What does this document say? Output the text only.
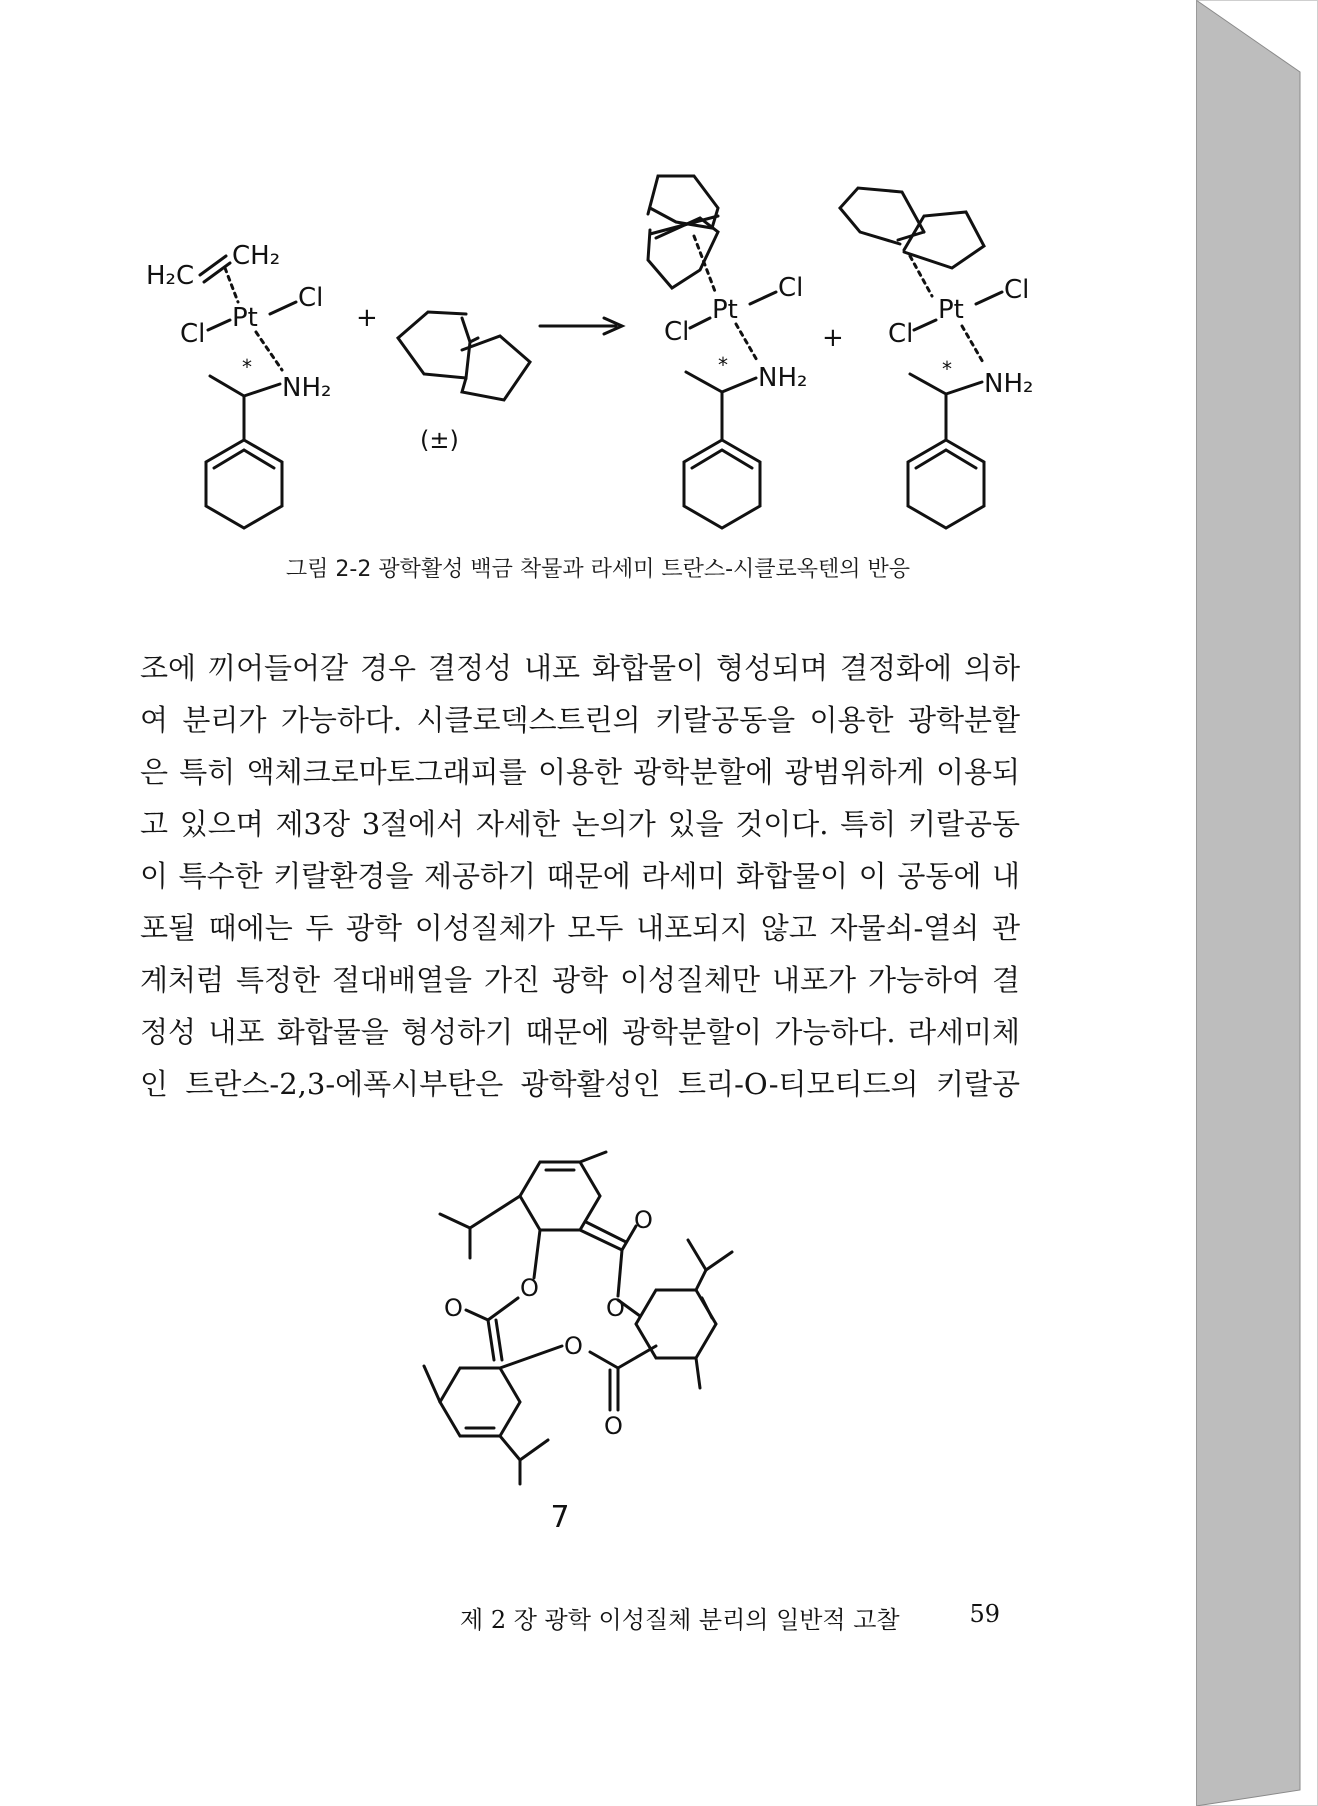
H₂C
CH₂
Pt
Cl
Cl
*
NH₂
+
(±)
Pt
Cl
Cl
* NH₂
+
Pt
Cl
Cl
* NH₂
그림 2-2 광학활성 백금 착물과 라세미 트란스-시클로옥텐의 반응
조에 끼어들어갈 경우 결정성 내포 화합물이 형성되며 결정화에 의하
여 분리가 가능하다. 시클로덱스트린의 키랄공동을 이용한 광학분할
은 특히 액체크로마토그래피를 이용한 광학분할에 광범위하게 이용되
고 있으며 제3장 3절에서 자세한 논의가 있을 것이다. 특히 키랄공동
이 특수한 키랄환경을 제공하기 때문에 라세미 화합물이 이 공동에 내
포될 때에는 두 광학 이성질체가 모두 내포되지 않고 자물쇠-열쇠 관
계처럼 특정한 절대배열을 가진 광학 이성질체만 내포가 가능하여 결
정성 내포 화합물을 형성하기 때문에 광학분할이 가능하다. 라세미체
인 트란스-2,3-에폭시부탄은 광학활성인 트리-O-티모티드의 키랄공
O
O
O
O
O
O
7
제 2 장 광학 이성질체 분리의 일반적 고찰	59
